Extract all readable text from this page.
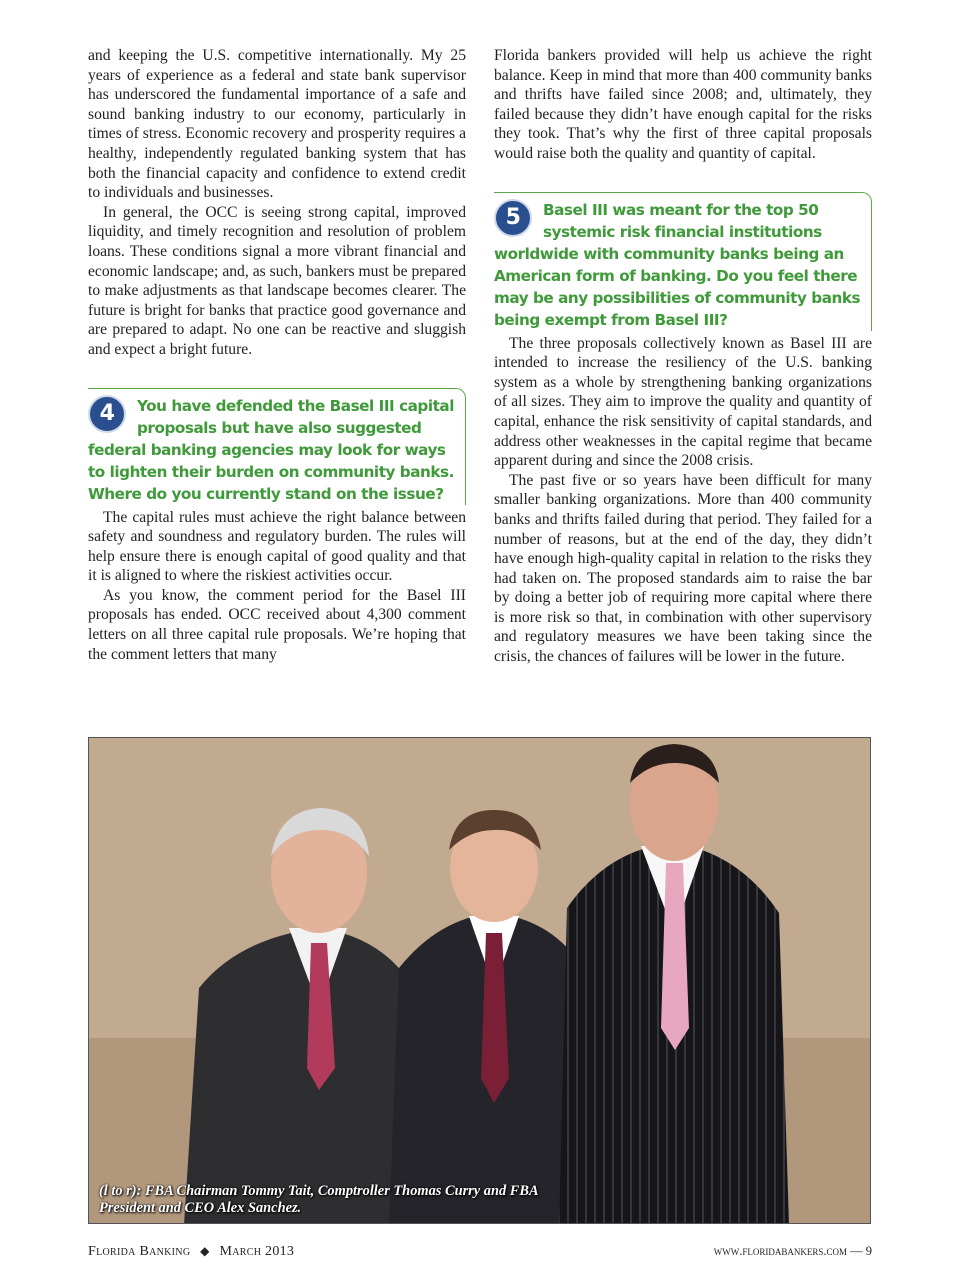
and keeping the U.S. competitive internationally. My 25 years of experience as a federal and state bank supervisor has underscored the fundamental importance of a safe and sound banking industry to our economy, particularly in times of stress. Economic recovery and prosperity requires a healthy, independently regulated banking system that has both the financial capacity and confidence to extend credit to individuals and businesses.

In general, the OCC is seeing strong capital, improved liquidity, and timely recognition and resolution of problem loans. These conditions signal a more vibrant financial and economic landscape; and, as such, bankers must be prepared to make adjustments as that landscape becomes clearer. The future is bright for banks that practice good governance and are prepared to adapt. No one can be reactive and sluggish and expect a bright future.

4	You have defended the Basel III capital proposals but have also suggested federal banking agencies may look for ways to lighten their burden on community banks. Where do you currently stand on the issue?

The capital rules must achieve the right balance between safety and soundness and regulatory burden. The rules will help ensure there is enough capital of good quality and that it is aligned to where the riskiest activities occur.

As you know, the comment period for the Basel III proposals has ended. OCC received about 4,300 comment letters on all three capital rule proposals. We’re hoping that the comment letters that many

Florida bankers provided will help us achieve the right balance. Keep in mind that more than 400 community banks and thrifts have failed since 2008; and, ultimately, they failed because they didn’t have enough capital for the risks they took. That’s why the first of three capital proposals would raise both the quality and quantity of capital.

5	Basel III was meant for the top 50 systemic risk financial institutions worldwide with community banks being an American form of banking. Do you feel there may be any possibilities of community banks being exempt from Basel III?

The three proposals collectively known as Basel III are intended to increase the resiliency of the U.S. banking system as a whole by strengthening banking organizations of all sizes. They aim to improve the quality and quantity of capital, enhance the risk sensitivity of capital standards, and address other weaknesses in the capital regime that became apparent during and since the 2008 crisis.

The past five or so years have been difficult for many smaller banking organizations. More than 400 community banks and thrifts failed during that period. They failed for a number of reasons, but at the end of the day, they didn’t have enough high-quality capital in relation to the risks they had taken on. The proposed standards aim to raise the bar by doing a better job of requiring more capital where there is more risk so that, in combination with other supervisory and regulatory measures we have been taking since the crisis, the chances of failures will be lower in the future.

(l to r): FBA Chairman Tommy Tait, Comptroller Thomas Curry and FBA President and CEO Alex Sanchez.
Florida Banking ◆ March 2013	www.floridabankers.com — 9
